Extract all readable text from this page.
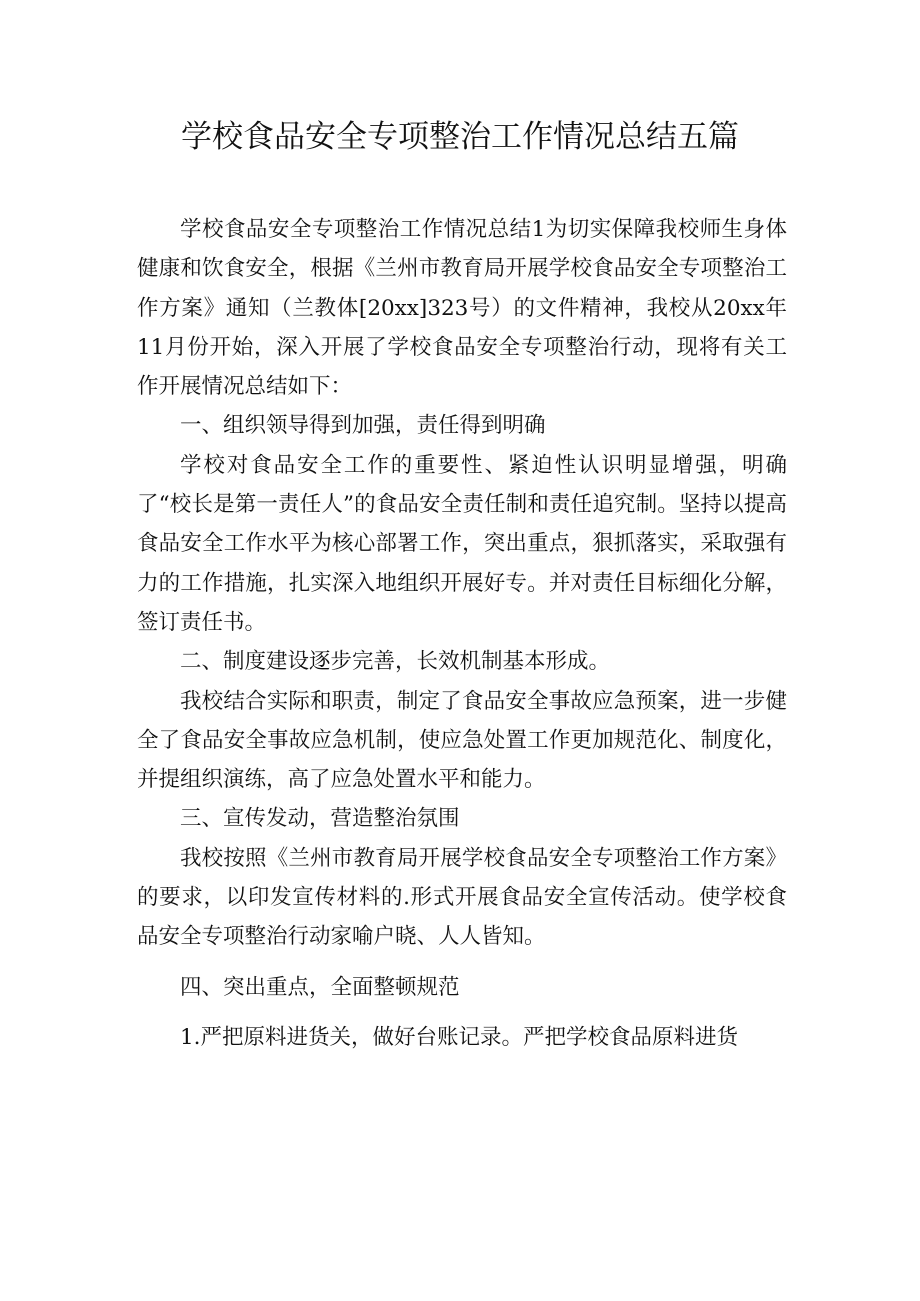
学校食品安全专项整治工作情况总结五篇

学校食品安全专项整治工作情况总结1为切实保障我校师生身体健康和饮食安全，根据《兰州市教育局开展学校食品安全专项整治工作方案》通知（兰教体[20xx]323号）的文件精神，我校从20xx年11月份开始，深入开展了学校食品安全专项整治行动，现将有关工作开展情况总结如下：

一、组织领导得到加强，责任得到明确

学校对食品安全工作的重要性、紧迫性认识明显增强，明确了“校长是第一责任人”的食品安全责任制和责任追究制。坚持以提高食品安全工作水平为核心部署工作，突出重点，狠抓落实，采取强有力的工作措施，扎实深入地组织开展好专。并对责任目标细化分解，签订责任书。

二、制度建设逐步完善，长效机制基本形成。

我校结合实际和职责，制定了食品安全事故应急预案，进一步健全了食品安全事故应急机制，使应急处置工作更加规范化、制度化，并提组织演练，高了应急处置水平和能力。

三、宣传发动，营造整治氛围

我校按照《兰州市教育局开展学校食品安全专项整治工作方案》的要求，以印发宣传材料的.形式开展食品安全宣传活动。使学校食品安全专项整治行动家喻户晓、人人皆知。

四、突出重点，全面整顿规范

1.严把原料进货关，做好台账记录。严把学校食品原料进货
